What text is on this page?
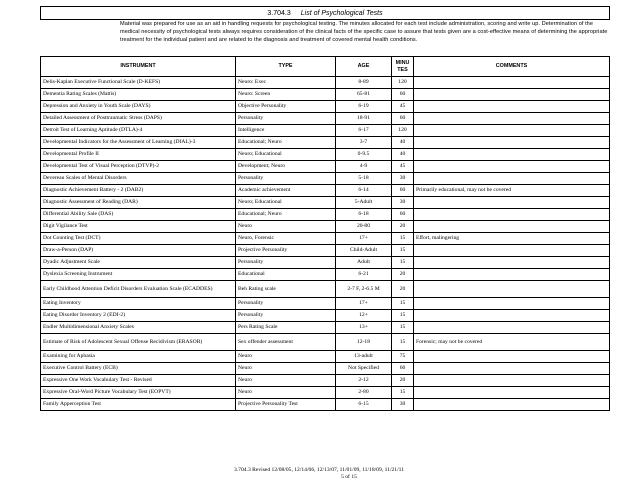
3.704.3 List of Psychological Tests
Material was prepared for use as an aid in handling requests for psychological testing. The minutes allocated for each test include administration, scoring and write up. Determination of the medical necessity of psychological tests always requires consideration of the clinical facts of the specific case to assure that tests given are a cost-effective means of determining the appropriate treatment for the individual patient and are related to the diagnosis and treatment of covered mental health conditions.
INSTRUMENT	TYPE	AGE	MINUTES	COMMENTS
Delis-Kaplan Executive Functional Scale (D-KEFS)	Neuro: Exec	8-89	120	
Dementia Rating Scales (Mattis)	Neuro: Screen	65-81	60	
Depression and Anxiety in Youth Scale (DAYS)	Objective Personality	6-19	45	
Detailed Assessment of Posttraumatic Stress (DAPS)	Personality	18-91	60	
Detroit Test of Learning Aptitude (DTLA)-4	Intelligence	6-17	120	
Developmental Indicators for the Assessment of Learning (DIAL)-3	Educational; Neuro	3-7	40	
Developmental Profile II	Neuro; Educational	0-9.5	40	
Developmental Test of Visual Perception (DTVP)-2	Development; Neuro	4-9	45	
Devereau Scales of Mental Disorders	Personality	5-18	30	
Diagnostic Achievement Battery - 2 (DAB2)	Academic achievement	6-14	60	Primarily educational, may not be covered
Diagnostic Assessment of Reading (DAR)	Neuro; Educational	5-Adult	30	
Differential Ability Sale (DAS)	Educational; Neuro	6-18	60	
Digit Vigilance Test	Neuro	20-80	20	
Dot Counting Test (DCT)	Neuro, Forensic	17+	15	Effort, malingering
Draw-a-Person (DAP)	Projective Personality	Child-Adult	15	
Dyadic Adjustment Scale	Personality	Adult	15	
Dyslexia Screening Instrument	Educational	6-21	20	
Early Childhood Attention Deficit Disorders Evaluation Scale (ECADDES)	Beh Rating scale	2-7 F, 2-6.5 M	20	
Eating Inventory	Personality	17+	15	
Eating Disorder Inventory 2 (EDI-2)	Personality	12+	15	
Endler Multidimensional Anxiety Scales	Pers Rating Scale	13+	15	
Estimate of Risk of Adolescent Sexual Offense Recidivism (ERASOR)	Sex offender assessment	12-18	15	Forensic; may not be covered
Examining for Aphasia	Neuro	13-adult	75	
Executive Control Battery (ECB)	Neuro	Not Specified	60	
Expressive One Work Vocabulary Test - Revised	Neuro	2-12	20	
Expressive Oral-Word Picture Vocabulary Test (EOPVT)	Neuro	2-80	15	
Family Apperception Test	Projective Personality Test	6-15	30	
3.704.3 Revised 12/08/05, 12/14/06, 12/13/07, 11/01/09, 11/18/09, 11/21/11
5 of 15
